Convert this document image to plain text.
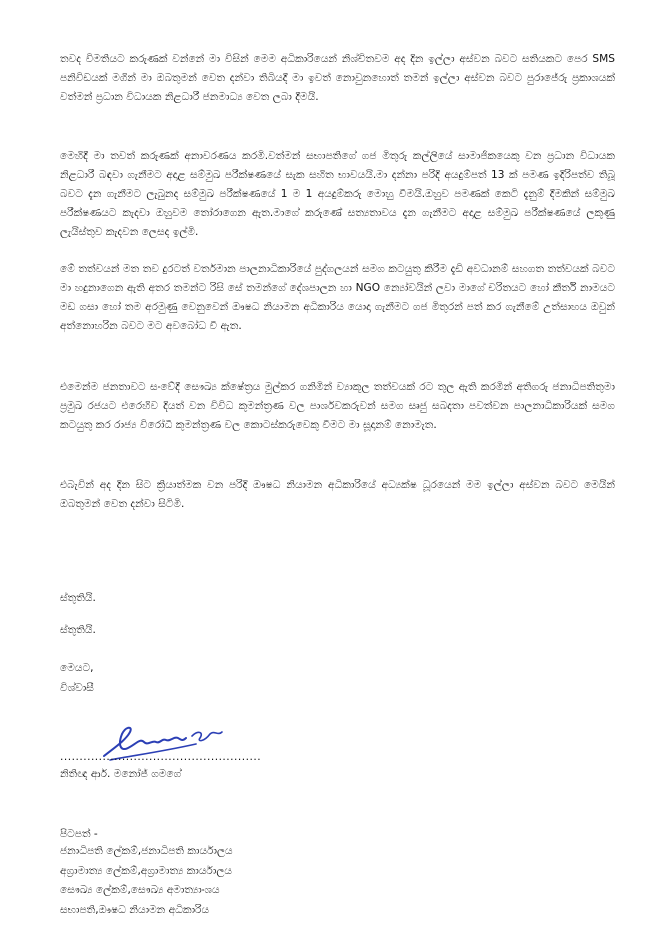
තවද විමතියට කරුණක් වන්නේ මා විසින් මෙම අධිකාරියෙන් නිශ්චිතවම අද දින ඉල්ලා අස්වන බවට සතියකට පෙර SMS පනිවිඩයක් මගින් මා ඔබතුමන් වෙත දන්වා තිබියදී මා ඉවත් නොවුනහොත් තමන් ඉල්ලා අස්වන බවට පුරාජේරු ප්‍රකාශයක් වත්මන් ප්‍රධාන විධායක නිළධාරී ජනමාධ්‍ය වෙත ලබා දීමයි.

මෙහිදී මා තවත් කරුණක් අනාවරණය කරමි.වත්මන් සභාපතිගේ ගජ මිතුරු කල්ලියේ සාමාජිකයෙකු වන ප්‍රධාන විධායක නිළධාරී බඳවා ගැනීමට අදාළ සම්මුඛ පරීක්ෂණයේ සැක සහිත භාවයයි.මා දන්නා පරිදි අයදුම්පත් 13 ක් පමණ ඉදිරිපත්ව තිබූ බවට දැන ගැනීමට ලැබුනද සම්මුඛ පරීක්ෂණයේ 1 ම 1 අයදුම්කරු මොහු වීමයි.ඔහුව පමණක් කෙටි දැනුම් දීමකින් සම්මුඛ පරීක්ෂණයට කැදවා ඔහුවම තෝරාගෙන ඇත.මාගේ කරුණේ සත්‍යතාවය දැන ගැනීමට අදාළ සම්මුඛ පරීක්ෂණයේ ලකුණු ලැයිස්තුව කැදවන ලෙසද ඉල්මි.

මේ තත්වයන් මත තව දුරටත් වර්තමාන පාලනාධිකාරියේ පුද්ගලයන් සමග කටයුතු කිරීම දැඩි අවධානම් සහගත තත්වයක් බවට මා හදුනාගෙන ඇති අතර තමන්ට රිසි සේ තමන්ගේ දේශපාලන හා NGO න්‍යෝවයින් ලවා මාගේ චරිතයට හෝ කීර්ති නාමයට මඩ ගසා හෝ තම අරමුණු වෙනුවෙන් ඖෂධ නියාමන අධිකාරිය යොදා ගැනීමට ගජ මිතුරන් පත් කර ගැනීමේ උත්සාහය ඔවුන් අත්නොහරින බවට මට අවබෝධ වී ඇත.

එමෙන්ම ජනතාවට සංවේදී සෞඛ්‍ය ක්ෂේත්‍රය මුල්කර ගනිමින් ව්‍යාකූල තත්වයක් රට තුල ඇති කරමින් අතිගරු ජනාධිපතිතුමා ප්‍රමුඛ රජයට එරෙහිව දියත් වන විවිධ කුමන්ත්‍රණ වල පාර්ශවකරුවන් සමග සෘජු සබදතා පවත්වන පාලනාධිකාරියක් සමග කටයුතු කර රාජ්‍ය විරෝධී කුමන්ත්‍රණ වල කොටස්කරුවෙකු වීමට මා සූදානම් නොමැත.

එබැවින් අද දින සිට ක්‍රියාත්මක වන පරිදි ඖෂධ නියාමන අධිකාරියේ අධ්‍යක්ෂ ධූරයෙන් මම ඉල්ලා අස්වන බවට මෙයින් ඔබතුමන් වෙත දන්වා සිටිමි.

ස්තුතියි.

ස්තුතියි.

මෙයට,

විශ්වාසී

....................................................

නිතිඥ ආර්. මනෝජ් ගමගේ

පිටපත් -

ජනාධිපති ලේකම්,ජනාධිපති කාර්යාලය
අග්‍රාමාත්‍ය ලේකම්,අග්‍රාමාත්‍ය කාර්යාලය
සෞඛ්‍ය ලේකම්,සෞඛ්‍ය අමාත්‍යාංශය
සභාපති,ඖෂධ නියාමන අධිකාරිය
